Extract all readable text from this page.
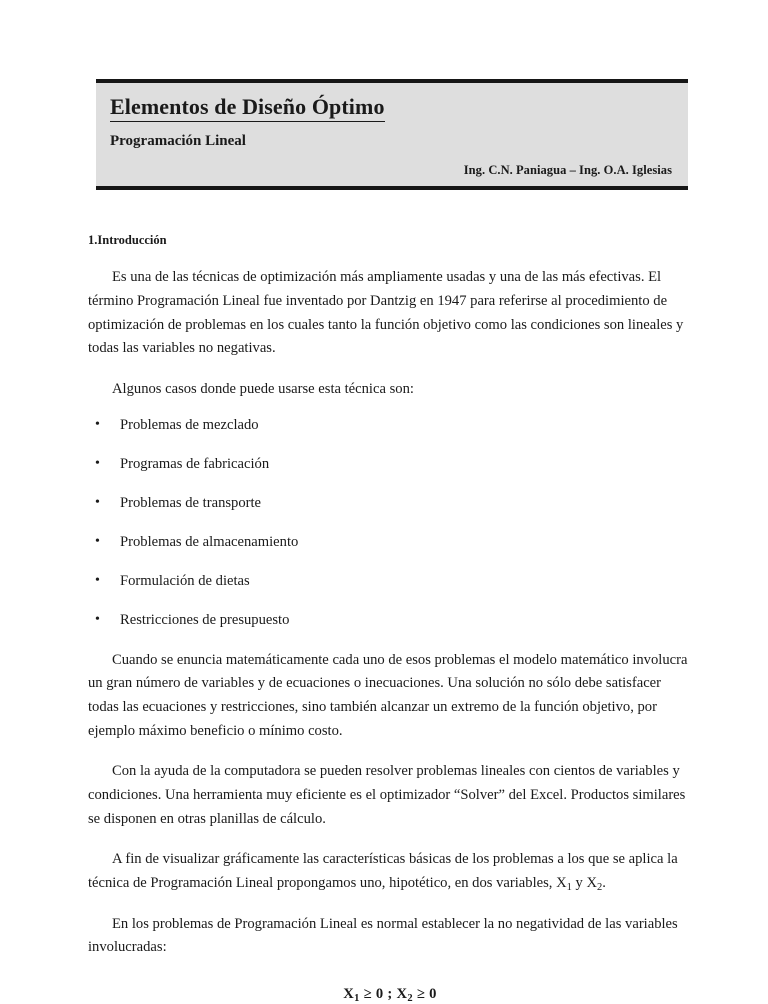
Elementos de Diseño Óptimo
Programación Lineal
Ing. C.N. Paniagua – Ing. O.A. Iglesias
1.Introducción

Es una de las técnicas de optimización más ampliamente usadas y una de las más efectivas. El término Programación Lineal fue inventado por Dantzig en 1947 para referirse al procedimiento de optimización de problemas en los cuales tanto la función objetivo como las condiciones son lineales y todas las variables no negativas.

Algunos casos donde puede usarse esta técnica son:

• Problemas de mezclado
• Programas de fabricación
• Problemas de transporte
• Problemas de almacenamiento
• Formulación de dietas
• Restricciones de presupuesto

Cuando se enuncia matemáticamente cada uno de esos problemas el modelo matemático involucra un gran número de variables y de ecuaciones o inecuaciones. Una solución no sólo debe satisfacer todas las ecuaciones y restricciones, sino también alcanzar un extremo de la función objetivo, por ejemplo máximo beneficio o mínimo costo.

Con la ayuda de la computadora se pueden resolver problemas lineales con cientos de variables y condiciones. Una herramienta muy eficiente es el optimizador “Solver” del Excel. Productos similares se disponen en otras planillas de cálculo.

A fin de visualizar gráficamente las características básicas de los problemas a los que se aplica la técnica de Programación Lineal propongamos uno, hipotético, en dos variables, $X_1$ y $X_2$.

En los problemas de Programación Lineal es normal establecer la no negatividad de las variables involucradas:

$X_1 \ge 0$ ; $X_2 \ge 0$
